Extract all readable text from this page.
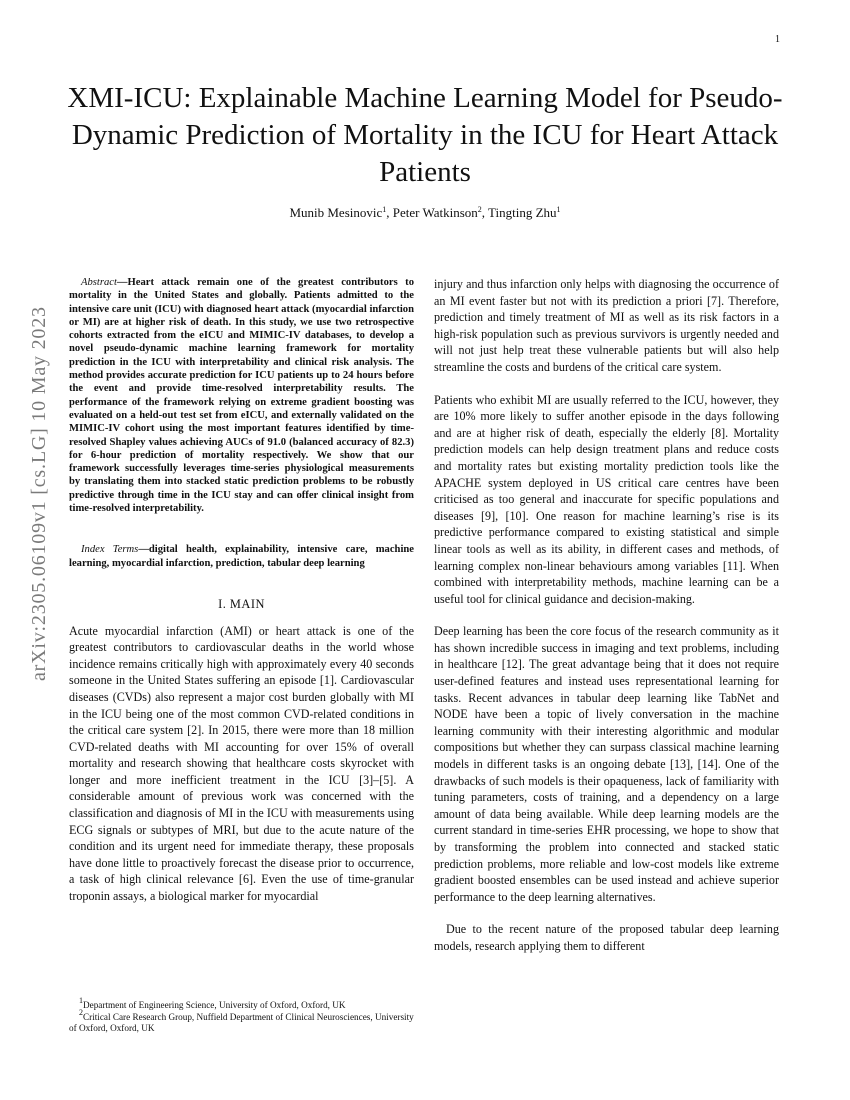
1
arXiv:2305.06109v1 [cs.LG] 10 May 2023
XMI-ICU: Explainable Machine Learning Model for Pseudo-Dynamic Prediction of Mortality in the ICU for Heart Attack Patients
Munib Mesinovic$^1$, Peter Watkinson$^2$, Tingting Zhu$^1$

Abstract—Heart attack remain one of the greatest contributors to mortality in the United States and globally. Patients admitted to the intensive care unit (ICU) with diagnosed heart attack (myocardial infarction or MI) are at higher risk of death. In this study, we use two retrospective cohorts extracted from the eICU and MIMIC-IV databases, to develop a novel pseudo-dynamic machine learning framework for mortality prediction in the ICU with interpretability and clinical risk analysis. The method provides accurate prediction for ICU patients up to 24 hours before the event and provide time-resolved interpretability results. The performance of the framework relying on extreme gradient boosting was evaluated on a held-out test set from eICU, and externally validated on the MIMIC-IV cohort using the most important features identified by time-resolved Shapley values achieving AUCs of 91.0 (balanced accuracy of 82.3) for 6-hour prediction of mortality respectively. We show that our framework successfully leverages time-series physiological measurements by translating them into stacked static prediction problems to be robustly predictive through time in the ICU stay and can offer clinical insight from time-resolved interpretability.

Index Terms—digital health, explainability, intensive care, machine learning, myocardial infarction, prediction, tabular deep learning

I. MAIN

Acute myocardial infarction (AMI) or heart attack is one of the greatest contributors to cardiovascular deaths in the world whose incidence remains critically high with approximately every 40 seconds someone in the United States suffering an episode [1]. Cardiovascular diseases (CVDs) also represent a major cost burden globally with MI in the ICU being one of the most common CVD-related conditions in the critical care system [2]. In 2015, there were more than 18 million CVD-related deaths with MI accounting for over 15% of overall mortality and research showing that healthcare costs skyrocket with longer and more inefficient treatment in the ICU [3]–[5]. A considerable amount of previous work was concerned with the classification and diagnosis of MI in the ICU with measurements using ECG signals or subtypes of MRI, but due to the acute nature of the condition and its urgent need for immediate therapy, these proposals have done little to proactively forecast the disease prior to occurrence, a task of high clinical relevance [6]. Even the use of time-granular troponin assays, a biological marker for myocardial

injury and thus infarction only helps with diagnosing the occurrence of an MI event faster but not with its prediction a priori [7]. Therefore, prediction and timely treatment of MI as well as its risk factors in a high-risk population such as previous survivors is urgently needed and will not just help treat these vulnerable patients but will also help streamline the costs and burdens of the critical care system.

Patients who exhibit MI are usually referred to the ICU, however, they are 10% more likely to suffer another episode in the days following and are at higher risk of death, especially the elderly [8]. Mortality prediction models can help design treatment plans and reduce costs and mortality rates but existing mortality prediction tools like the APACHE system deployed in US critical care centres have been criticised as too general and inaccurate for specific populations and diseases [9], [10]. One reason for machine learning’s rise is its predictive performance compared to existing statistical and simple linear tools as well as its ability, in different cases and methods, of learning complex non-linear behaviours among variables [11]. When combined with interpretability methods, machine learning can be a useful tool for clinical guidance and decision-making.

Deep learning has been the core focus of the research community as it has shown incredible success in imaging and text problems, including in healthcare [12]. The great advantage being that it does not require user-defined features and instead uses representational learning for tasks. Recent advances in tabular deep learning like TabNet and NODE have been a topic of lively conversation in the machine learning community with their interesting algorithmic and modular compositions but whether they can surpass classical machine learning models in different tasks is an ongoing debate [13], [14]. One of the drawbacks of such models is their opaqueness, lack of familiarity with tuning parameters, costs of training, and a dependency on a large amount of data being available. While deep learning models are the current standard in time-series EHR processing, we hope to show that by transforming the problem into connected and stacked static prediction problems, more reliable and low-cost models like extreme gradient boosted ensembles can be used instead and achieve superior performance to the deep learning alternatives.

Due to the recent nature of the proposed tabular deep learning models, research applying them to different

$^1$Department of Engineering Science, University of Oxford, Oxford, UK

$^2$Critical Care Research Group, Nuffield Department of Clinical Neurosciences, University of Oxford, Oxford, UK
